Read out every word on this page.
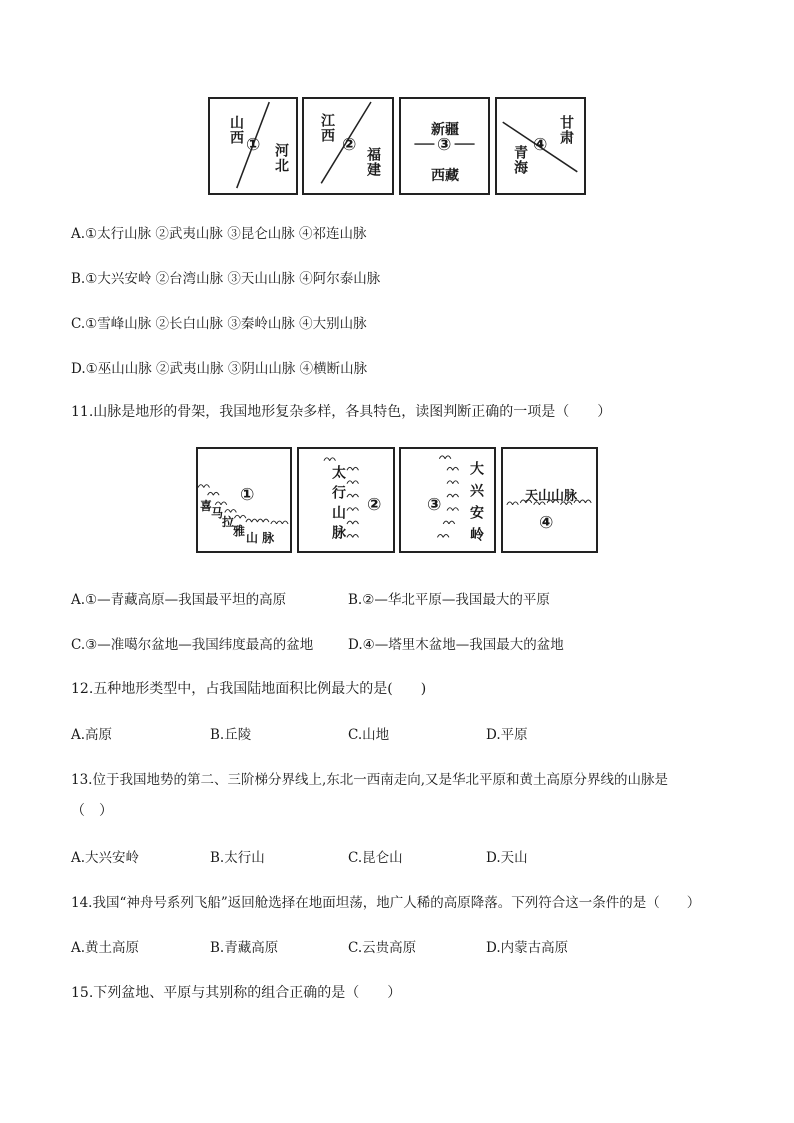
山西 ① 河北
江西
②
福建
新疆
③
西藏
甘肃
④
青海
A.①太行山脉 ②武夷山脉 ③昆仑山脉 ④祁连山脉
B.①大兴安岭 ②台湾山脉 ③天山山脉 ④阿尔泰山脉
C.①雪峰山脉 ②长白山脉 ③秦岭山脉 ④大别山脉
D.①巫山山脉 ②武夷山脉 ③阴山山脉 ④横断山脉
11.山脉是地形的骨架，我国地形复杂多样，各具特色，读图判断正确的一项是（　　）
①
喜
马
拉
雅 山 脉	太行山脉 ②	③ 大兴安岭	天山山脉
④
A.①—青藏高原—我国最平坦的高原	B.②—华北平原—我国最大的平原
C.③—准噶尔盆地—我国纬度最高的盆地	D.④—塔里木盆地—我国最大的盆地
12.五种地形类型中，占我国陆地面积比例最大的是(　　)
A.高原	B.丘陵	C.山地	D.平原
13.位于我国地势的第二、三阶梯分界线上,东北一西南走向,又是华北平原和黄土高原分界线的山脉是
（　）
A.大兴安岭	B.太行山	C.昆仑山	D.天山
14.我国“神舟号系列飞船”返回舱选择在地面坦荡，地广人稀的高原降落。下列符合这一条件的是（　　）
A.黄土高原	B.青藏高原	C.云贵高原	D.内蒙古高原
15.下列盆地、平原与其别称的组合正确的是（　　）
